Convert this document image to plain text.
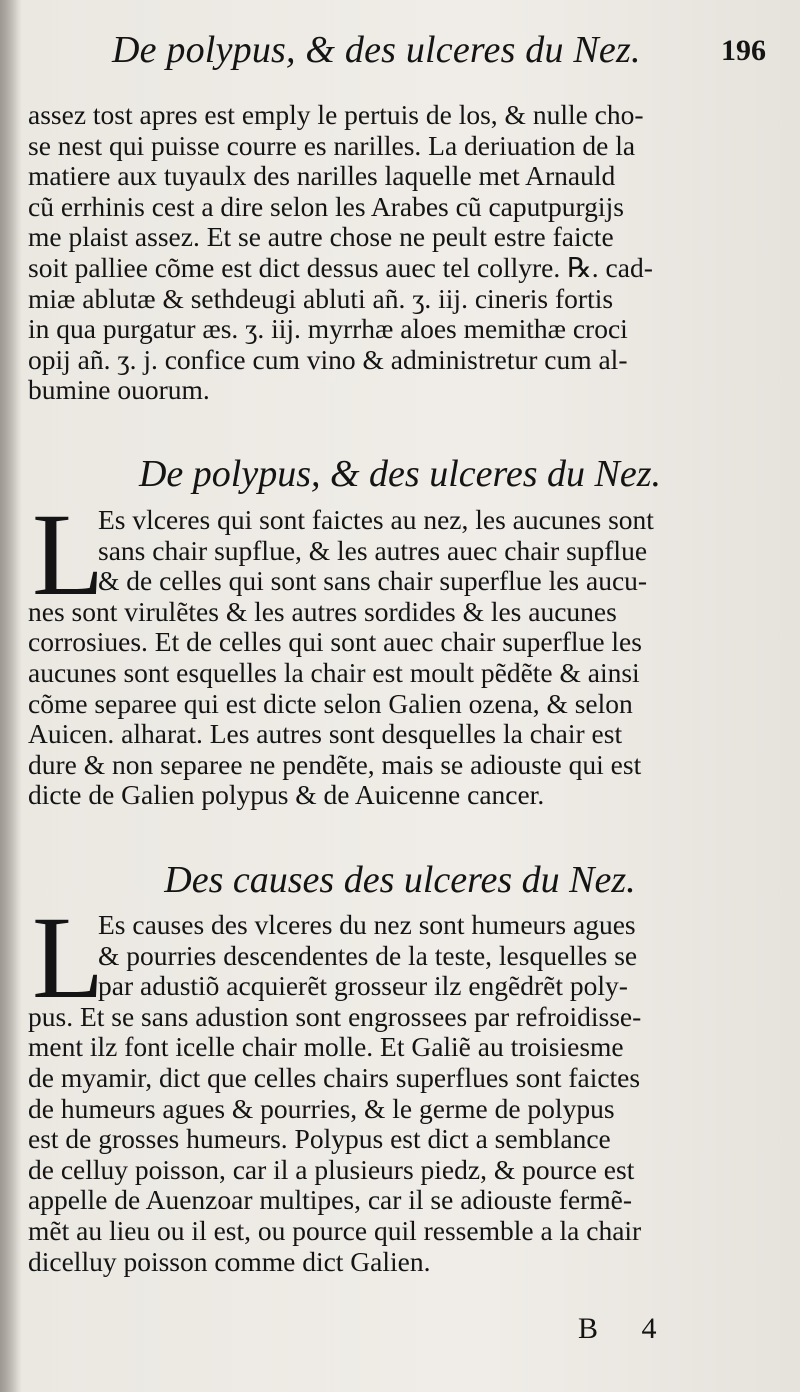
De polypus, & des ulceres du Nez.	196
assez tost apres est emply le pertuis de los, & nulle cho-
se nest qui puisse courre es narilles. La deriuation de la
matiere aux tuyaulx des narilles laquelle met Arnauld
cũ errhinis cest a dire selon les Arabes cũ caputpurgijs
me plaist assez. Et se autre chose ne peult estre faicte
soit palliee cõme est dict dessus auec tel collyre. ℞. cad-
miæ ablutæ & sethdeugi abluti añ. ʒ. iij. cineris fortis
in qua purgatur æs. ʒ. iij. myrrhæ aloes memithæ croci
opij añ. ʒ. j. confice cum vino & administretur cum al-
bumine ouorum.
De polypus, & des ulceres du Nez.
L
Es vlceres qui sont faictes au nez, les aucunes sont
sans chair supflue, & les autres auec chair supflue
& de celles qui sont sans chair superflue les aucu-
nes sont virulẽtes & les autres sordides & les aucunes
corrosiues. Et de celles qui sont auec chair superflue les
aucunes sont esquelles la chair est moult pẽdẽte & ainsi
cõme separee qui est dicte selon Galien ozena, & selon
Auicen. alharat. Les autres sont desquelles la chair est
dure & non separee ne pendẽte, mais se adiouste qui est
dicte de Galien polypus & de Auicenne cancer.
Des causes des ulceres du Nez.
L
Es causes des vlceres du nez sont humeurs agues
& pourries descendentes de la teste, lesquelles se
par adustiõ acquierẽt grosseur ilz engẽdrẽt poly-
pus. Et se sans adustion sont engrossees par refroidisse-
ment ilz font icelle chair molle. Et Galiẽ au troisiesme
de myamir, dict que celles chairs superflues sont faictes
de humeurs agues & pourries, & le germe de polypus
est de grosses humeurs. Polypus est dict a semblance
de celluy poisson, car il a plusieurs piedz, & pource est
appelle de Auenzoar multipes, car il se adiouste fermẽ-
mẽt au lieu ou il est, ou pource quil ressemble a la chair
dicelluy poisson comme dict Galien.
B 4
